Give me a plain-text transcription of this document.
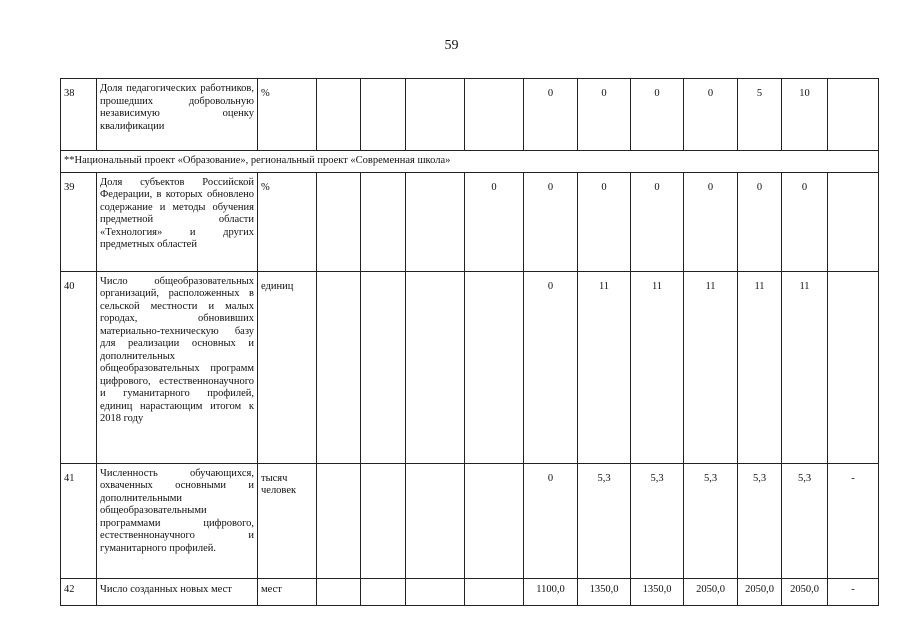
59
38	Доля педагогических работников, прошедших добровольную независимую оценку квалификации	%					0	0	0	0	5	10	
**Национальный проект «Образование», региональный проект «Современная школа»													
39	Доля субъектов Российской Федерации, в которых обновлено содержание и методы обучения предметной области «Технология» и других предметных областей	%				0	0	0	0	0	0	0	
40	Число общеобразовательных организаций, расположенных в сельской местности и малых городах, обновивших материально-техническую базу для реализации основных и дополнительных общеобразовательных программ цифрового, естественнонаучного и гуманитарного профилей, единиц нарастающим итогом к 2018 году	единиц					0	11	11	11	11	11	
41	Численность обучающихся, охваченных основными и дополнительными общеобразовательными программами цифрового, естественнонаучного и гуманитарного профилей.	тысяч человек					0	5,3	5,3	5,3	5,3	5,3	-
42	Число созданных новых мест	мест					1100,0	1350,0	1350,0	2050,0	2050,0	2050,0	-
